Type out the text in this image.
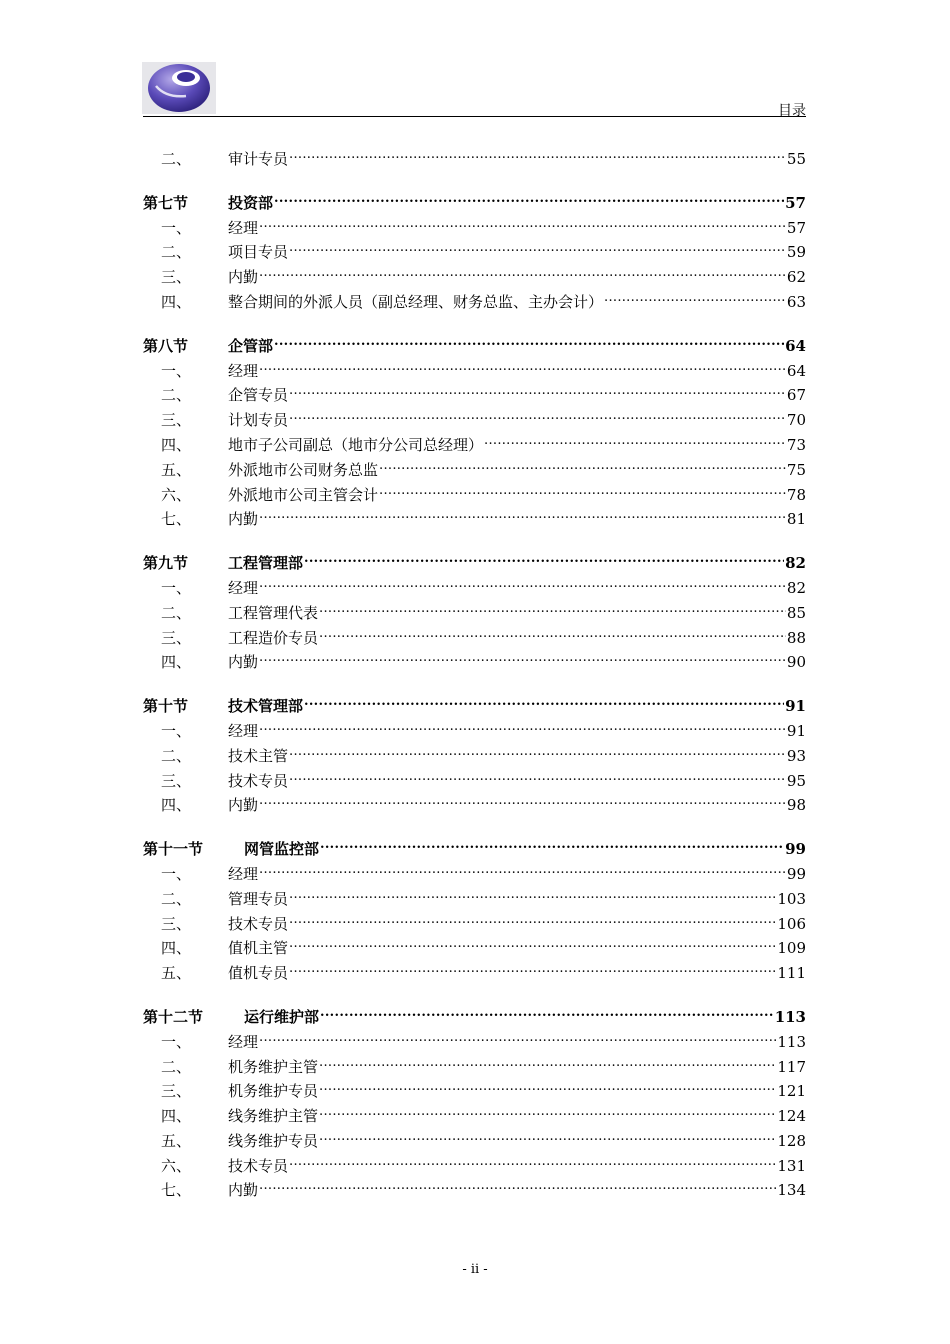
目录
二、	审计专员 .....	55
第七节	投资部 .....	57
一、	经理 .....	57
二、	项目专员 .....	59
三、	内勤 .....	62
四、	整合期间的外派人员（副总经理、财务总监、主办会计） .....	63
第八节	企管部 .....	64
一、	经理 .....	64
二、	企管专员 .....	67
三、	计划专员 .....	70
四、	地市子公司副总（地市分公司总经理） .....	73
五、	外派地市公司财务总监 .....	75
六、	外派地市公司主管会计 .....	78
七、	内勤 .....	81
第九节	工程管理部 .....	82
一、	经理 .....	82
二、	工程管理代表 .....	85
三、	工程造价专员 .....	88
四、	内勤 .....	90
第十节	技术管理部 .....	91
一、	经理 .....	91
二、	技术主管 .....	93
三、	技术专员 .....	95
四、	内勤 .....	98
第十一节	网管监控部 .....	99
一、	经理 .....	99
二、	管理专员 .....	103
三、	技术专员 .....	106
四、	值机主管 .....	109
五、	值机专员 .....	111
第十二节	运行维护部 .....	113
一、	经理 .....	113
二、	机务维护主管 .....	117
三、	机务维护专员 .....	121
四、	线务维护主管 .....	124
五、	线务维护专员 .....	128
六、	技术专员 .....	131
七、	内勤 .....	134
- ii -
